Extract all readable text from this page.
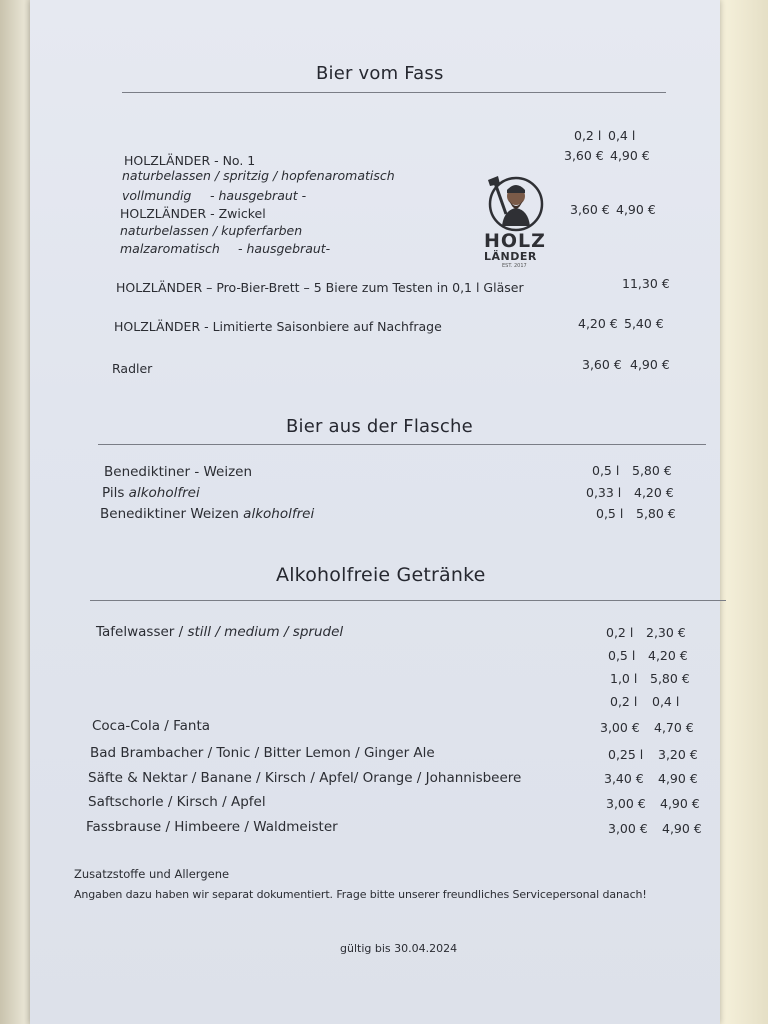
Bier vom Fass
0,2 l 0,4 l
HOLZLÄNDER - No. 1
naturbelassen / spritzig / hopfenaromatisch
vollmundig - hausgebraut -
3,60 € 4,90 €
HOLZLÄNDER - Zwickel
naturbelassen / kupferfarben
malzaromatisch - hausgebraut-
3,60 € 4,90 €
HOLZ
LÄNDER
EST. 2017
HOLZLÄNDER – Pro-Bier-Brett – 5 Biere zum Testen in 0,1 l Gläser	11,30 €
HOLZLÄNDER - Limitierte Saisonbiere auf Nachfrage	4,20 € 5,40 €
Radler	3,60 € 4,90 €
Bier aus der Flasche
Benediktiner - Weizen	0,5 l 5,80 €
Pils alkoholfrei	0,33 l 4,20 €
Benediktiner Weizen alkoholfrei	0,5 l 5,80 €
Alkoholfreie Getränke
Tafelwasser / still / medium / sprudel	0,2 l 2,30 €
0,5 l 4,20 €
1,0 l 5,80 €
0,2 l 0,4 l
Coca-Cola / Fanta	3,00 € 4,70 €
Bad Brambacher / Tonic / Bitter Lemon / Ginger Ale	0,25 l 3,20 €
Säfte & Nektar / Banane / Kirsch / Apfel/ Orange / Johannisbeere	3,40 € 4,90 €
Saftschorle / Kirsch / Apfel	3,00 € 4,90 €
Fassbrause / Himbeere / Waldmeister	3,00 € 4,90 €
Zusatzstoffe und Allergene
Angaben dazu haben wir separat dokumentiert. Frage bitte unserer freundliches Servicepersonal danach!
gültig bis 30.04.2024
